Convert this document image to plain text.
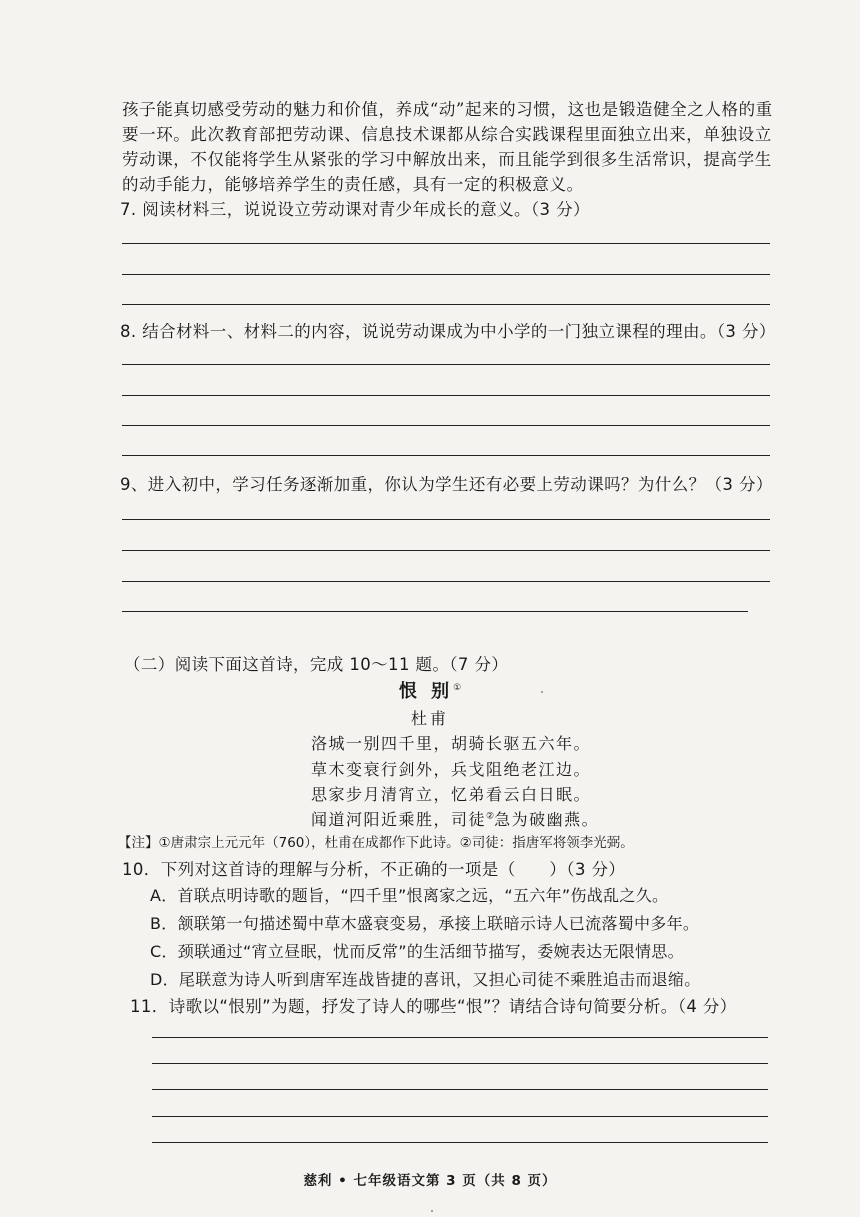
孩子能真切感受劳动的魅力和价值，养成“动”起来的习惯，这也是锻造健全之人格的重
要一环。此次教育部把劳动课、信息技术课都从综合实践课程里面独立出来，单独设立
劳动课，不仅能将学生从紧张的学习中解放出来，而且能学到很多生活常识，提高学生
的动手能力，能够培养学生的责任感，具有一定的积极意义。
7. 阅读材料三，说说设立劳动课对青少年成长的意义。（3 分）
8. 结合材料一、材料二的内容，说说劳动课成为中小学的一门独立课程的理由。（3 分）
9、进入初中，学习任务逐渐加重，你认为学生还有必要上劳动课吗？为什么？（3 分）
（二）阅读下面这首诗，完成 10～11 题。（7 分）
恨 别①
杜甫
洛城一别四千里，胡骑长驱五六年。
草木变衰行剑外，兵戈阻绝老江边。
思家步月清宵立，忆弟看云白日眠。
闻道河阳近乘胜，司徒②急为破幽燕。
【注】①唐肃宗上元元年（760），杜甫在成都作下此诗。②司徒：指唐军将领李光弼。
10．下列对这首诗的理解与分析，不正确的一项是（　　）（3 分）
A．首联点明诗歌的题旨，“四千里”恨离家之远，“五六年”伤战乱之久。
B．颔联第一句描述蜀中草木盛衰变易，承接上联暗示诗人已流落蜀中多年。
C．颈联通过“宵立昼眠，忧而反常”的生活细节描写，委婉表达无限情思。
D．尾联意为诗人听到唐军连战皆捷的喜讯，又担心司徒不乘胜追击而退缩。
11．诗歌以“恨别”为题，抒发了诗人的哪些“恨”？请结合诗句简要分析。（4 分）
慈利 • 七年级语文第 3 页（共 8 页）
